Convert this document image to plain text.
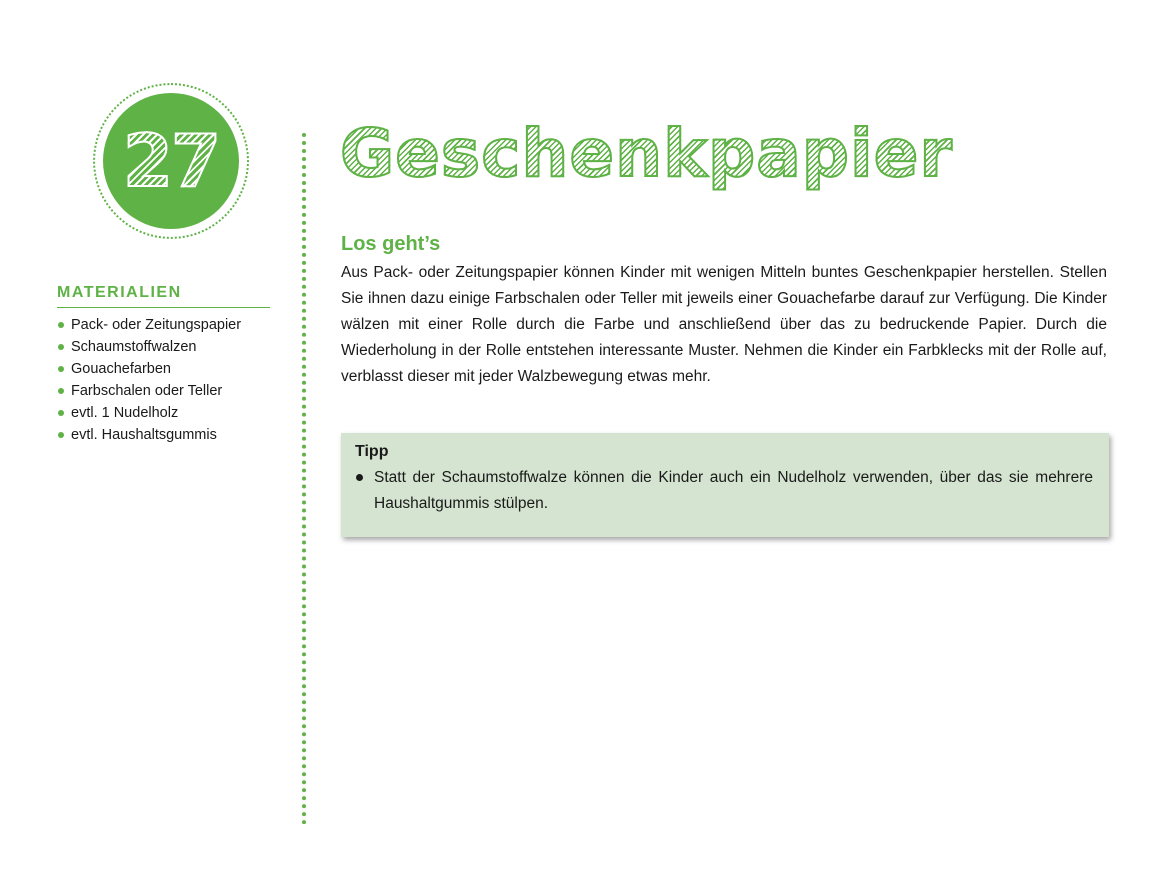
27
MATERIALIEN
Pack- oder Zeitungspapier
Schaumstoffwalzen
Gouachefarben
Farbschalen oder Teller
evtl. 1 Nudelholz
evtl. Haushaltsgummis
Geschenkpapier
Los geht’s

Aus Pack- oder Zeitungspapier können Kinder mit wenigen Mitteln buntes Geschenkpapier herstellen. Stellen Sie ihnen dazu einige Farbschalen oder Teller mit jeweils einer Gouachefarbe darauf zur Verfügung. Die Kinder wälzen mit einer Rolle durch die Farbe und anschließend über das zu bedruckende Papier. Durch die Wiederholung in der Rolle entstehen interessante Muster. Nehmen die Kinder ein Farbklecks mit der Rolle auf, verblasst dieser mit jeder Walzbewegung etwas mehr.

Tipp
Statt der Schaumstoffwalze können die Kinder auch ein Nudelholz verwenden, über das sie mehrere Haushaltgummis stülpen.
